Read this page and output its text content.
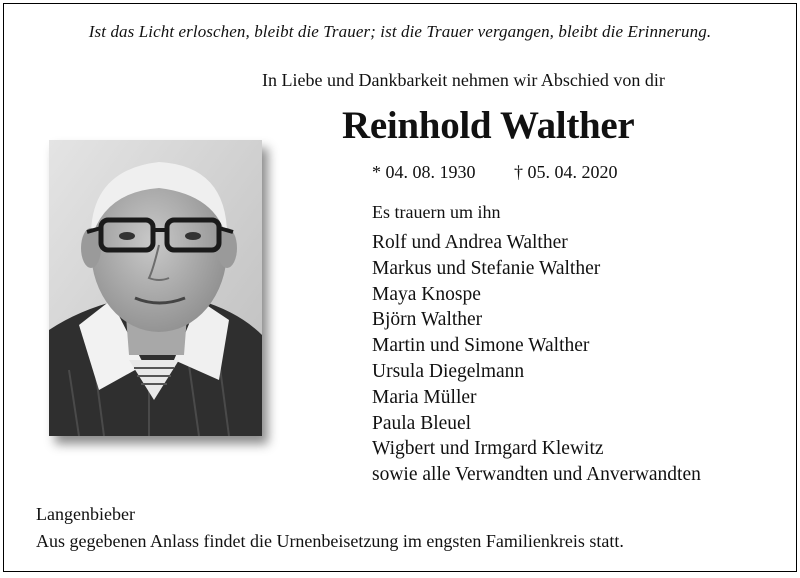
Ist das Licht erloschen, bleibt die Trauer; ist die Trauer vergangen, bleibt die Erinnerung.
In Liebe und Dankbarkeit nehmen wir Abschied von dir
Reinhold Walther
* 04. 08. 1930 † 05. 04. 2020
Es trauern um ihn
Rolf und Andrea Walther
Markus und Stefanie Walther
Maya Knospe
Björn Walther
Martin und Simone Walther
Ursula Diegelmann
Maria Müller
Paula Bleuel
Wigbert und Irmgard Klewitz
sowie alle Verwandten und Anverwandten
Langenbieber
Aus gegebenen Anlass findet die Urnenbeisetzung im engsten Familienkreis statt.
